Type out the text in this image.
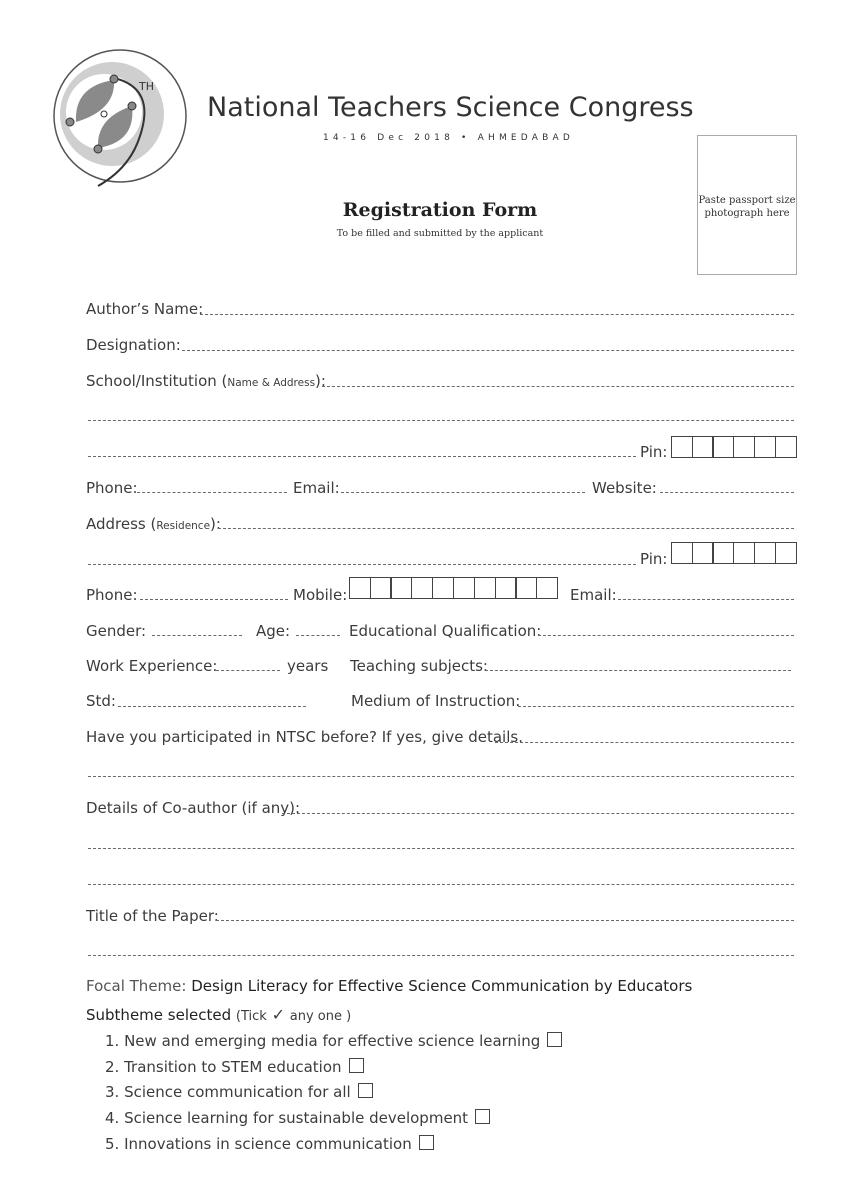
TH
National Teachers Science Congress
14-16 Dec 2018 • AHMEDABAD
Paste passport size photograph here
Registration Form
To be filled and submitted by the applicant
Author’s Name:
Designation:
School/Institution (Name & Address):
Pin:
Phone:	Email:	Website:
Address (Residence):
Pin:
Phone:	Mobile:	Email:
Gender:	Age:	Educational Qualification:
Work Experience:	years Teaching subjects:
Std:	Medium of Instruction:
Have you participated in NTSC before? If yes, give details.
Details of Co-author (if any):
Title of the Paper:
Focal Theme: Design Literacy for Effective Science Communication by Educators
Subtheme selected (Tick ✓ any one )
1. New and emerging media for effective science learning
2. Transition to STEM education
3. Science communication for all
4. Science learning for sustainable development
5. Innovations in science communication
